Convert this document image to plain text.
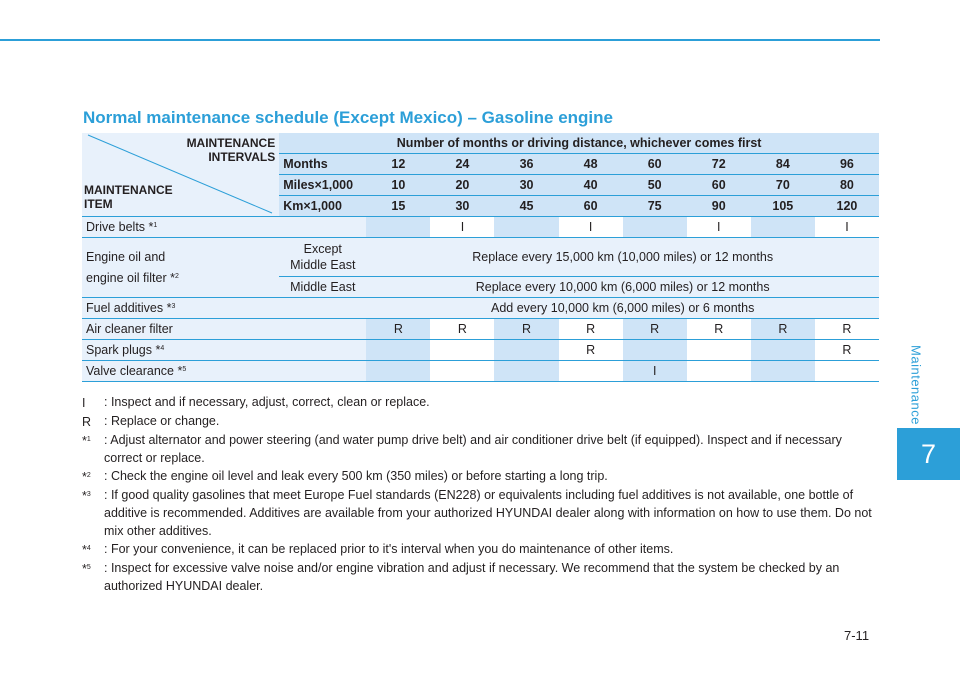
Maintenance
7
Normal maintenance schedule (Except Mexico) – Gasoline engine
MAINTENANCE INTERVALS
MAINTENANCE ITEM	Number of months or driving distance, whichever comes first								
	Months	12	24	36	48	60	72	84	96
	Miles×1,000	10	20	30	40	50	60	70	80
	Km×1,000	15	30	45	60	75	90	105	120
Drive belts *$^1$			I		I		I		I

Engine oil and
engine oil filter *$^2$	Except Middle East	Replace every 15,000 km (10,000 miles) or 12 months							
	Middle East	Replace every 10,000 km (6,000 miles) or 12 months							
Fuel additives *$^3$		Add every 10,000 km (6,000 miles) or 6 months							
Air cleaner filter		R	R	R	R	R	R	R	R
Spark plugs *$^4$					R				R
Valve clearance *$^5$						I			
I	: Inspect and if necessary, adjust, correct, clean or replace.
R	: Replace or change.
*$^1$	: Adjust alternator and power steering (and water pump drive belt) and air conditioner drive belt (if equipped). Inspect and if necessary correct or replace.
*$^2$	: Check the engine oil level and leak every 500 km (350 miles) or before starting a long trip.
*$^3$	: If good quality gasolines that meet Europe Fuel standards (EN228) or equivalents including fuel additives is not available, one bottle of additive is recommended. Additives are available from your authorized HYUNDAI dealer along with information on how to use them. Do not mix other additives.
*$^4$	: For your convenience, it can be replaced prior to it's interval when you do maintenance of other items.
*$^5$	: Inspect for excessive valve noise and/or engine vibration and adjust if necessary. We recommend that the system be checked by an authorized HYUNDAI dealer.
7-11
